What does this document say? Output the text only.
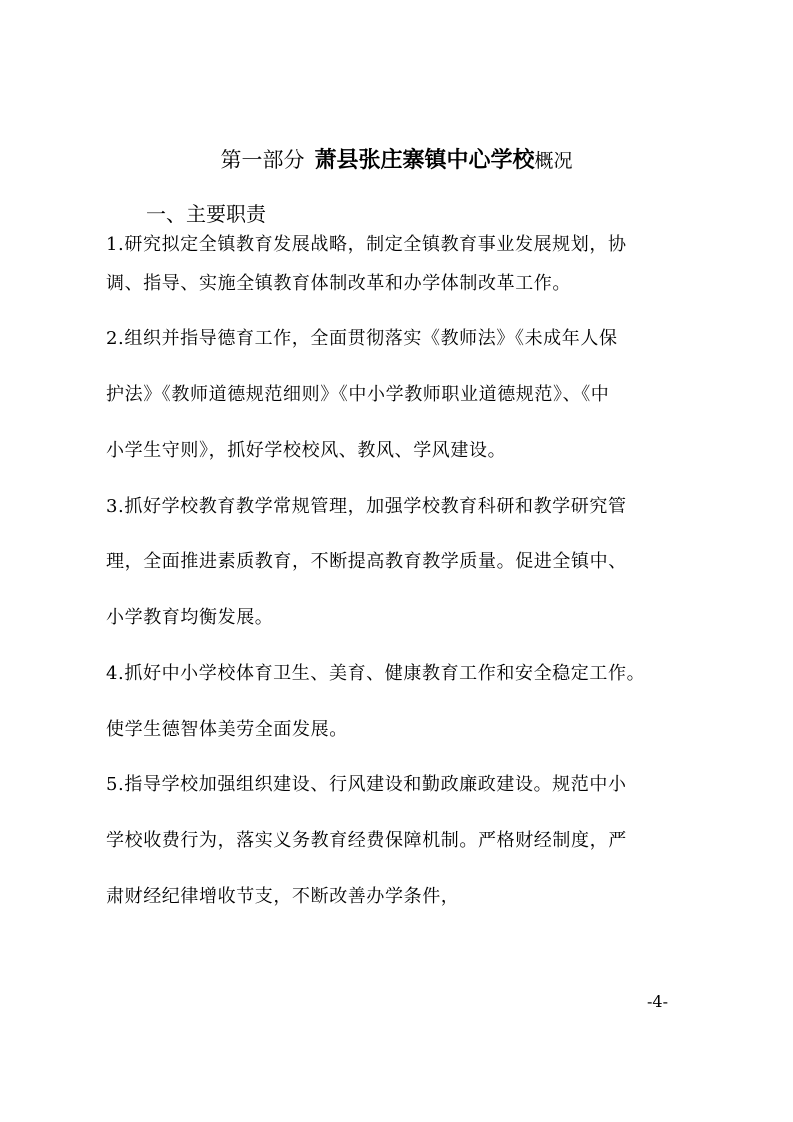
第一部分 萧县张庄寨镇中心学校概况
一、主要职责
1.研究拟定全镇教育发展战略，制定全镇教育事业发展规划，协
调、指导、实施全镇教育体制改革和办学体制改革工作。
2.组织并指导德育工作，全面贯彻落实《教师法》《未成年人保
护法》《教师道德规范细则》《中小学教师职业道德规范》、《中
小学生守则》，抓好学校校风、教风、学风建设。
3.抓好学校教育教学常规管理，加强学校教育科研和教学研究管
理，全面推进素质教育，不断提高教育教学质量。促进全镇中、
小学教育均衡发展。
4.抓好中小学校体育卫生、美育、健康教育工作和安全稳定工作。
使学生德智体美劳全面发展。
5.指导学校加强组织建设、行风建设和勤政廉政建设。规范中小
学校收费行为，落实义务教育经费保障机制。严格财经制度，严
肃财经纪律增收节支，不断改善办学条件，
-4-
